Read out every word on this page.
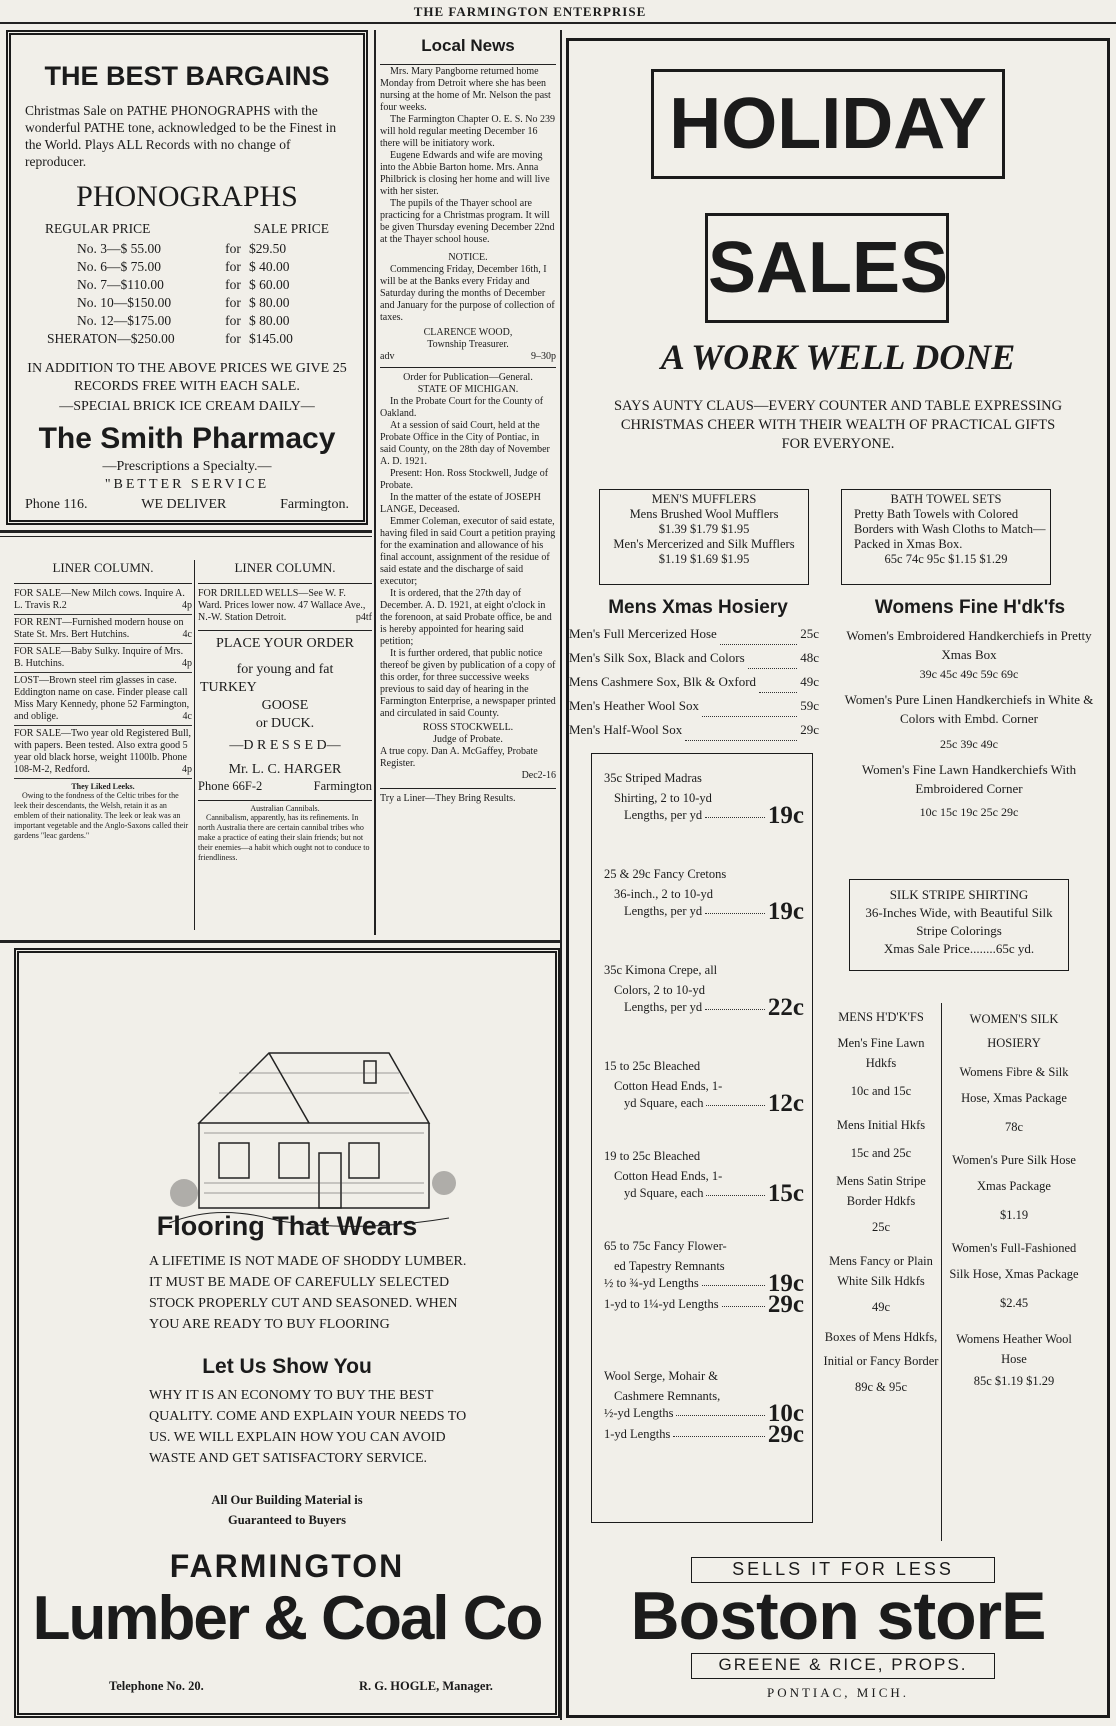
THE FARMINGTON ENTERPRISE
THE BEST BARGAINS

Christmas Sale on PATHE PHONOGRAPHS with the wonderful PATHE tone, acknowledged to be the Finest in the World. Plays ALL Records with no change of reproducer.

PHONOGRAPHS
REGULAR PRICE	SALE PRICE
No. 3—$ 55.00	for $29.50
No. 6—$ 75.00	for $ 40.00
No. 7—$110.00	for $ 60.00
No. 10—$150.00	for $ 80.00
No. 12—$175.00	for $ 80.00
SHERATON—$250.00	for $145.00

IN ADDITION TO THE ABOVE PRICES WE GIVE 25 RECORDS FREE WITH EACH SALE.

—SPECIAL BRICK ICE CREAM DAILY—

The Smith Pharmacy

—Prescriptions a Specialty.—

"BETTER SERVICE

Phone 116.	WE DELIVER	Farmington.
Local News

Mrs. Mary Pangborne returned home Monday from Detroit where she has been nursing at the home of Mr. Nelson the past four weeks.

The Farmington Chapter O. E. S. No 239 will hold regular meeting December 16 there will be initiatory work.

Eugene Edwards and wife are moving into the Abbie Barton home. Mrs. Anna Philbrick is closing her home and will live with her sister.

The pupils of the Thayer school are practicing for a Christmas program. It will be given Thursday evening December 22nd at the Thayer school house.

NOTICE.

Commencing Friday, December 16th, I will be at the Banks every Friday and Saturday during the months of December and January for the purpose of collection of taxes.

CLARENCE WOOD,

Township Treasurer.

adv	9–30p

Order for Publication—General.

STATE OF MICHIGAN.

In the Probate Court for the County of Oakland.

At a session of said Court, held at the Probate Office in the City of Pontiac, in said County, on the 28th day of November A. D. 1921.

Present: Hon. Ross Stockwell, Judge of Probate.

In the matter of the estate of JOSEPH LANGE, Deceased.

Emmer Coleman, executor of said estate, having filed in said Court a petition praying for the examination and allowance of his final account, assignment of the residue of said estate and the discharge of said executor;

It is ordered, that the 27th day of December. A. D. 1921, at eight o'clock in the forenoon, at said Probate office, be and is hereby appointed for hearing said petition;

It is further ordered, that public notice thereof be given by publication of a copy of this order, for three successive weeks previous to said day of hearing in the Farmington Enterprise, a newspaper printed and circulated in said County.

ROSS STOCKWELL.

Judge of Probate.

A true copy. Dan A. McGaffey, Probate Register.

Dec2-16

Try a Liner—They Bring Results.

LINER COLUMN.
FOR SALE—New Milch cows. Inquire A. L. Travis R.2	4p
FOR RENT—Furnished modern house on State St. Mrs. Bert Hutchins.	4c
FOR SALE—Baby Sulky. Inquire of Mrs. B. Hutchins.	4p
LOST—Brown steel rim glasses in case. Eddington name on case. Finder please call Miss Mary Kennedy, phone 52 Farmington, and oblige.	4c
FOR SALE—Two year old Registered Bull, with papers. Been tested. Also extra good 5 year old black horse, weight 1100lb. Phone 108-M-2, Redford.	4p

They Liked Leeks.

Owing to the fondness of the Celtic tribes for the leek their descendants, the Welsh, retain it as an emblem of their nationality. The leek or leak was an important vegetable and the Anglo-Saxons called their gardens "leac gardens."

LINER COLUMN.
FOR DRILLED WELLS—See W. F. Ward. Prices lower now. 47 Wallace Ave., N.-W. Station Detroit.	p4tf

PLACE YOUR ORDER

for young and fat

TURKEY

GOOSE

or DUCK.

—D R E S S E D—

Mr. L. C. HARGER

Phone 66F-2	Farmington

Australian Cannibals.

Cannibalism, apparently, has its refinements. In north Australia there are certain cannibal tribes who make a practice of eating their slain friends; but not their enemies—a habit which ought not to conduce to friendliness.

Flooring That Wears

A LIFETIME IS NOT MADE OF SHODDY LUMBER. IT MUST BE MADE OF CAREFULLY SELECTED STOCK PROPERLY CUT AND SEASONED. WHEN YOU ARE READY TO BUY FLOORING

Let Us Show You

WHY IT IS AN ECONOMY TO BUY THE BEST QUALITY. COME AND EXPLAIN YOUR NEEDS TO US. WE WILL EXPLAIN HOW YOU CAN AVOID WASTE AND GET SATISFACTORY SERVICE.

All Our Building Material is

Guaranteed to Buyers

FARMINGTON
Lumber & Coal Co
Telephone No. 20.	R. G. HOGLE, Manager.
HOLIDAY
SALES
A WORK WELL DONE

SAYS AUNTY CLAUS—EVERY COUNTER AND TABLE EXPRESSING CHRISTMAS CHEER WITH THEIR WEALTH OF PRACTICAL GIFTS FOR EVERYONE.

MEN'S MUFFLERS

Mens Brushed Wool Mufflers

$1.39 $1.79 $1.95

Men's Mercerized and Silk Mufflers

$1.19 $1.69 $1.95

BATH TOWEL SETS

Pretty Bath Towels with Colored Borders with Wash Cloths to Match—Packed in Xmas Box.

65c 74c 95c $1.15 $1.29

Mens Xmas Hosiery
Men's Full Mercerized Hose	25c
Men's Silk Sox, Black and Colors	48c
Mens Cashmere Sox, Blk & Oxford	49c
Men's Heather Wool Sox	59c
Men's Half-Wool Sox	29c
Womens Fine H'dk'fs

Women's Embroidered Handkerchiefs in Pretty Xmas Box

39c 45c 49c 59c 69c

Women's Pure Linen Handkerchiefs in White & Colors with Embd. Corner

25c 39c 49c

Women's Fine Lawn Handkerchiefs With Embroidered Corner

10c 15c 19c 25c 29c

35c Striped Madras

Shirting, 2 to 10-yd

Lengths, per yd	19c

25 & 29c Fancy Cretons

36-inch., 2 to 10-yd

Lengths, per yd	19c

35c Kimona Crepe, all

Colors, 2 to 10-yd

Lengths, per yd	22c

15 to 25c Bleached

Cotton Head Ends, 1-

yd Square, each	12c

19 to 25c Bleached

Cotton Head Ends, 1-

yd Square, each	15c

65 to 75c Fancy Flower-

ed Tapestry Remnants

½ to ¾-yd Lengths	19c
1-yd to 1¼-yd Lengths 29c

Wool Serge, Mohair &

Cashmere Remnants,

½-yd Lengths	10c
1-yd Lengths	29c

SILK STRIPE SHIRTING

36-Inches Wide, with Beautiful Silk Stripe Colorings

Xmas Sale Price........65c yd.

MENS H'D'K'FS

Men's Fine Lawn Hdkfs

10c and 15c

Mens Initial Hkfs

15c and 25c

Mens Satin Stripe Border Hdkfs

25c

Mens Fancy or Plain White Silk Hdkfs

49c

Boxes of Mens Hdkfs, Initial or Fancy Border

89c & 95c

WOMEN'S SILK HOSIERY

Womens Fibre & Silk Hose, Xmas Package

78c

Women's Pure Silk Hose Xmas Package

$1.19

Women's Full-Fashioned Silk Hose, Xmas Package

$2.45

Womens Heather Wool Hose

85c $1.19 $1.29

SELLS IT FOR LESS
Boston storE
GREENE & RICE, PROPS.
PONTIAC, MICH.
